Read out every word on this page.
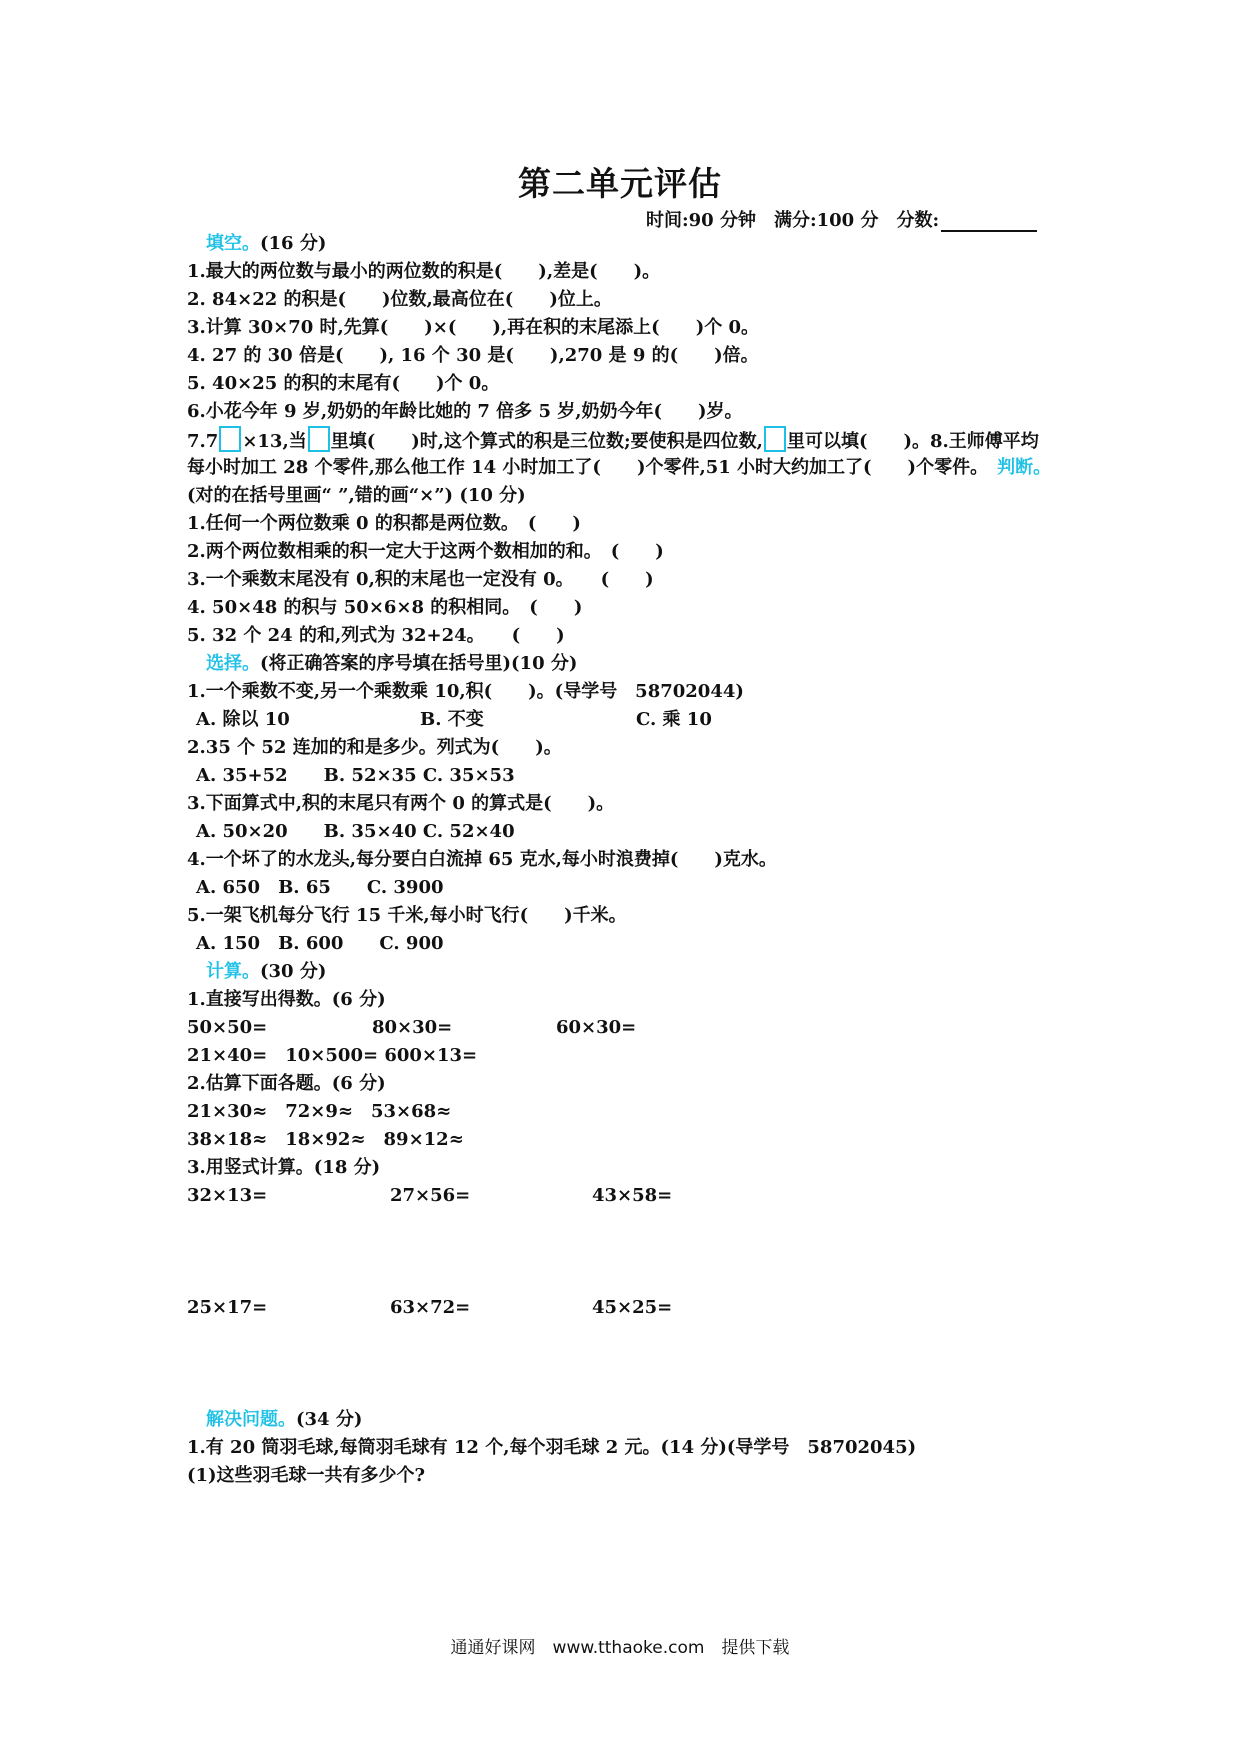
第二单元评估
时间:90 分钟　满分:100 分　分数:
填空。(16 分)
1.最大的两位数与最小的两位数的积是(　　),差是(　　)。
2. 84×22 的积是(　　)位数,最高位在(　　)位上。
3.计算 30×70 时,先算(　　)×(　　),再在积的末尾添上(　　)个 0。
4. 27 的 30 倍是(　　), 16 个 30 是(　　),270 是 9 的(　　)倍。
5. 40×25 的积的末尾有(　　)个 0。
6.小花今年 9 岁,奶奶的年龄比她的 7 倍多 5 岁,奶奶今年(　　)岁。
7.7 ×13,当 里填(　　)时,这个算式的积是三位数;要使积是四位数, 里可以填(　　)。8.王师傅平均
每小时加工 28 个零件,那么他工作 14 小时加工了(　　)个零件,51 小时大约加工了(　　)个零件。　 判断。
(对的在括号里画“ ”,错的画“×”) (10 分)
1.任何一个两位数乘 0 的积都是两位数。　(　　)
2.两个两位数相乘的积一定大于这两个数相加的和。　(　　)
3.一个乘数末尾没有 0,积的末尾也一定没有 0。　　(　　)
4. 50×48 的积与 50×6×8 的积相同。　(　　)
5. 32 个 24 的和,列式为 32+24。　　(　　)
选择。(将正确答案的序号填在括号里)(10 分)
1.一个乘数不变,另一个乘数乘 10,积(　　)。(导学号　58702044)
A. 除以 10	B. 不变	C. 乘 10
2.35 个 52 连加的和是多少。列式为(　　)。
A. 35+52　　B. 52×35 C. 35×53
3.下面算式中,积的末尾只有两个 0 的算式是(　　)。
A. 50×20　　B. 35×40 C. 52×40
4.一个坏了的水龙头,每分要白白流掉 65 克水,每小时浪费掉(　　)克水。
A. 650　B. 65　　C. 3900
5.一架飞机每分飞行 15 千米,每小时飞行(　　)千米。
A. 150　B. 600　　C. 900
计算。(30 分)
1.直接写出得数。(6 分)
50×50=	80×30=	60×30=
21×40=　10×500= 600×13=
2.估算下面各题。(6 分)
21×30≈　72×9≈　53×68≈
38×18≈　18×92≈　89×12≈
3.用竖式计算。(18 分)
32×13=	27×56=	43×58=
25×17=	63×72=	45×25=
解决问题。(34 分)
1.有 20 筒羽毛球,每筒羽毛球有 12 个,每个羽毛球 2 元。(14 分)(导学号　58702045)
(1)这些羽毛球一共有多少个?
通通好课网　www.tthaoke.com　提供下载
